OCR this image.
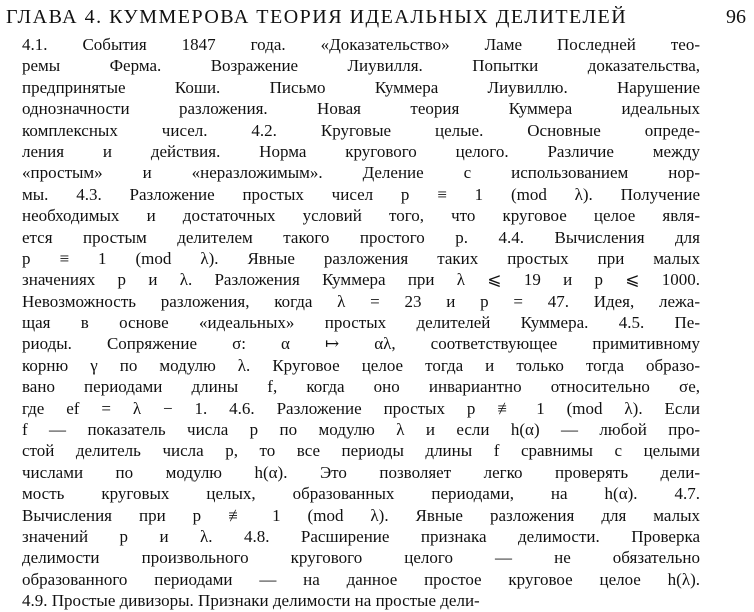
ГЛАВА 4. КУММЕРОВА ТЕОРИЯ ИДЕАЛЬНЫХ ДЕЛИТЕЛЕЙ	96
4.1. События 1847 года. «Доказательство» Ламе Последней тео-
ремы Ферма. Возражение Лиувилля. Попытки доказательства,
предпринятые Коши. Письмо Куммера Лиувиллю. Нарушение
однозначности разложения. Новая теория Куммера идеальных
комплексных чисел. 4.2. Круговые целые. Основные опреде-
ления и действия. Норма кругового целого. Различие между
«простым» и «неразложимым». Деление с использованием нор-
мы. 4.3. Разложение простых чисел p ≡ 1 (mod λ). Получение
необходимых и достаточных условий того, что круговое целое явля-
ется простым делителем такого простого p. 4.4. Вычисления для
p ≡ 1 (mod λ). Явные разложения таких простых при малых
значениях p и λ. Разложения Куммера при λ ⩽ 19 и p ⩽ 1000.
Невозможность разложения, когда λ = 23 и p = 47. Идея, лежа-
щая в основе «идеальных» простых делителей Куммера. 4.5. Пе-
риоды. Сопряжение σ: α ↦ αλ, соответствующее примитивному
корню γ по модулю λ. Круговое целое тогда и только тогда образо-
вано периодами длины f, когда оно инвариантно относительно σe,
где ef = λ − 1. 4.6. Разложение простых p ≢ 1 (mod λ). Если
f — показатель числа p по модулю λ и если h(α) — любой про-
стой делитель числа p, то все периоды длины f сравнимы с целыми
числами по модулю h(α). Это позволяет легко проверять дели-
мость круговых целых, образованных периодами, на h(α). 4.7.
Вычисления при p ≢ 1 (mod λ). Явные разложения для малых
значений p и λ. 4.8. Расширение признака делимости. Проверка
делимости произвольного кругового целого — не обязательно
образованного периодами — на данное простое круговое целое h(λ).
4.9. Простые дивизоры. Признаки делимости на простые дели-
